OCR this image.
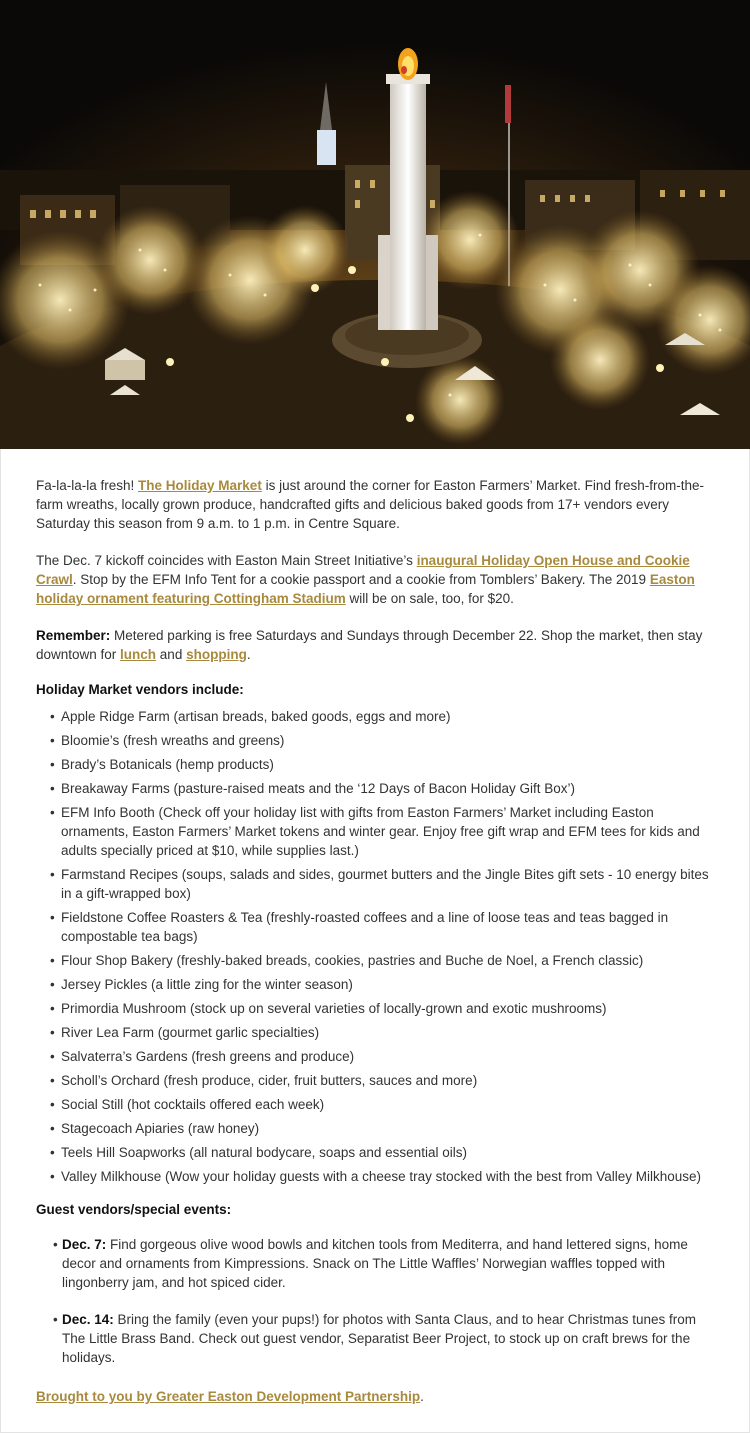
Fa-la-la-la fresh! The Holiday Market is just around the corner for Easton Farmers’ Market. Find fresh-from-the-farm wreaths, locally grown produce, handcrafted gifts and delicious baked goods from 17+ vendors every Saturday this season from 9 a.m. to 1 p.m. in Centre Square.

The Dec. 7 kickoff coincides with Easton Main Street Initiative’s inaugural Holiday Open House and Cookie Crawl. Stop by the EFM Info Tent for a cookie passport and a cookie from Tomblers’ Bakery. The 2019 Easton holiday ornament featuring Cottingham Stadium will be on sale, too, for $20.

Remember: Metered parking is free Saturdays and Sundays through December 22. Shop the market, then stay downtown for lunch and shopping.

Holiday Market vendors include:
• Apple Ridge Farm (artisan breads, baked goods, eggs and more)
• Bloomie’s (fresh wreaths and greens)
• Brady’s Botanicals (hemp products)
• Breakaway Farms (pasture-raised meats and the ‘12 Days of Bacon Holiday Gift Box’)
• EFM Info Booth (Check off your holiday list with gifts from Easton Farmers’ Market including Easton ornaments, Easton Farmers’ Market tokens and winter gear. Enjoy free gift wrap and EFM tees for kids and adults specially priced at $10, while supplies last.)
• Farmstand Recipes (soups, salads and sides, gourmet butters and the Jingle Bites gift sets - 10 energy bites in a gift-wrapped box)
• Fieldstone Coffee Roasters & Tea (freshly-roasted coffees and a line of loose teas and teas bagged in compostable tea bags)
• Flour Shop Bakery (freshly-baked breads, cookies, pastries and Buche de Noel, a French classic)
• Jersey Pickles (a little zing for the winter season)
• Primordia Mushroom (stock up on several varieties of locally-grown and exotic mushrooms)
• River Lea Farm (gourmet garlic specialties)
• Salvaterra’s Gardens (fresh greens and produce)
• Scholl’s Orchard (fresh produce, cider, fruit butters, sauces and more)
• Social Still (hot cocktails offered each week)
• Stagecoach Apiaries (raw honey)
• Teels Hill Soapworks (all natural bodycare, soaps and essential oils)
• Valley Milkhouse (Wow your holiday guests with a cheese tray stocked with the best from Valley Milkhouse)
Guest vendors/special events:
• Dec. 7: Find gorgeous olive wood bowls and kitchen tools from Mediterra, and hand lettered signs, home decor and ornaments from Kimpressions. Snack on The Little Waffles’ Norwegian waffles topped with lingonberry jam, and hot spiced cider.
• Dec. 14: Bring the family (even your pups!) for photos with Santa Claus, and to hear Christmas tunes from The Little Brass Band. Check out guest vendor, Separatist Beer Project, to stock up on craft brews for the holidays.

Brought to you by Greater Easton Development Partnership.
